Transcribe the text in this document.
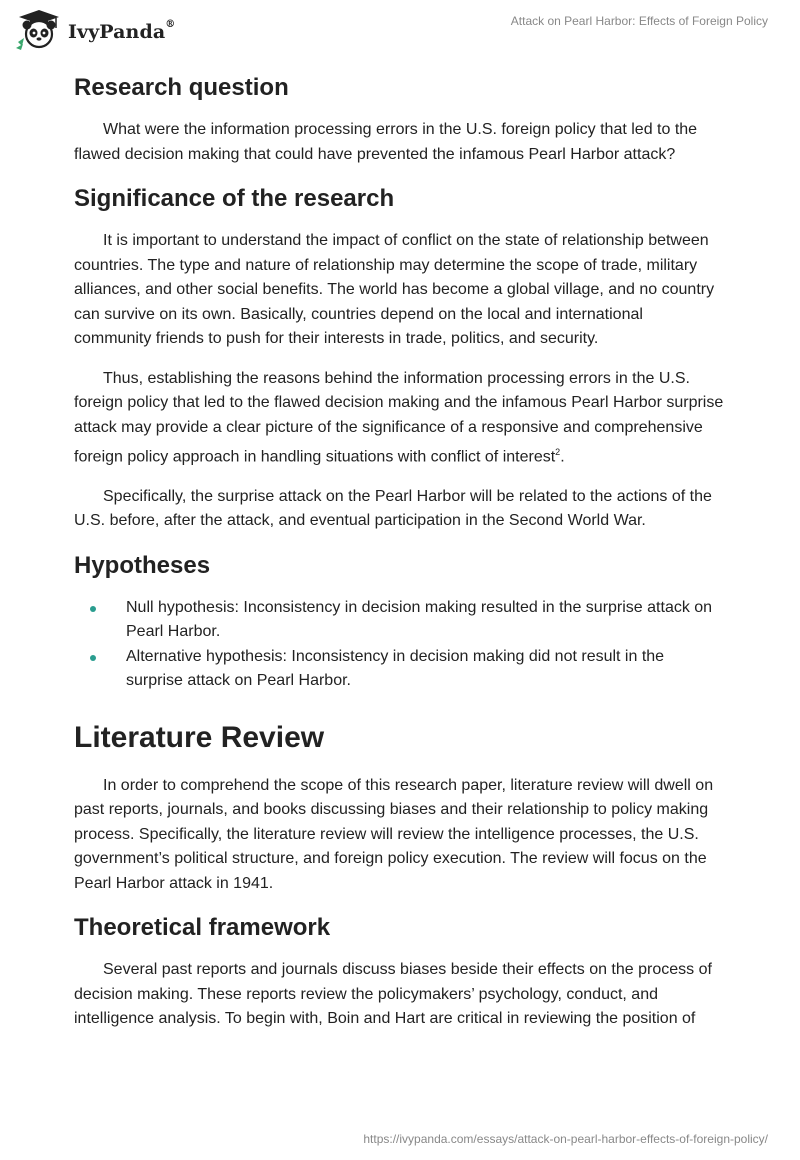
IvyPanda®	Attack on Pearl Harbor: Effects of Foreign Policy
Research question

What were the information processing errors in the U.S. foreign policy that led to the flawed decision making that could have prevented the infamous Pearl Harbor attack?

Significance of the research

It is important to understand the impact of conflict on the state of relationship between countries. The type and nature of relationship may determine the scope of trade, military alliances, and other social benefits. The world has become a global village, and no country can survive on its own. Basically, countries depend on the local and international community friends to push for their interests in trade, politics, and security.

Thus, establishing the reasons behind the information processing errors in the U.S. foreign policy that led to the flawed decision making and the infamous Pearl Harbor surprise attack may provide a clear picture of the significance of a responsive and comprehensive foreign policy approach in handling situations with conflict of interest$^2$.

Specifically, the surprise attack on the Pearl Harbor will be related to the actions of the U.S. before, after the attack, and eventual participation in the Second World War.

Hypotheses
Null hypothesis: Inconsistency in decision making resulted in the surprise attack on Pearl Harbor.
Alternative hypothesis: Inconsistency in decision making did not result in the surprise attack on Pearl Harbor.
Literature Review

In order to comprehend the scope of this research paper, literature review will dwell on past reports, journals, and books discussing biases and their relationship to policy making process. Specifically, the literature review will review the intelligence processes, the U.S. government’s political structure, and foreign policy execution. The review will focus on the Pearl Harbor attack in 1941.

Theoretical framework

Several past reports and journals discuss biases beside their effects on the process of decision making. These reports review the policymakers’ psychology, conduct, and intelligence analysis. To begin with, Boin and Hart are critical in reviewing the position of

https://ivypanda.com/essays/attack-on-pearl-harbor-effects-of-foreign-policy/
